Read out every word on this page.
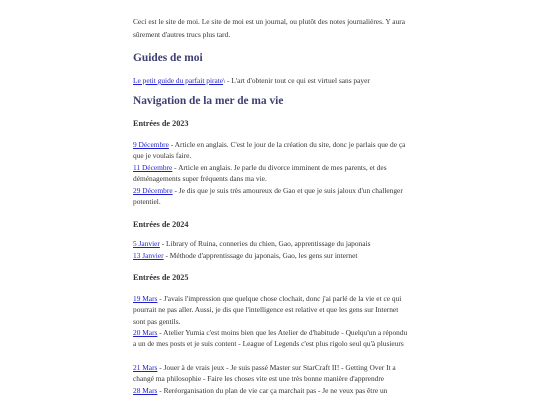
Ceci est le site de moi. Le site de moi est un journal, ou plutôt des notes journalières. Y aura sûrement d'autres trucs plus tard.

Guides de moi

Le petit guide du parfait pirate\ - L'art d'obtenir tout ce qui est virtuel sans payer

Navigation de la mer de ma vie
Entrées de 2023

9 Décembre - Article en anglais. C'est le jour de la création du site, donc je parlais que de ça que je voulais faire.

11 Décembre - Article en anglais. Je parle du divorce imminent de mes parents, et des déménagements super fréquents dans ma vie.

29 Décembre - Je dis que je suis très amoureux de Gao et que je suis jaloux d'un challenger potentiel.

Entrées de 2024

5 Janvier - Library of Ruina, conneries du chien, Gao, apprentissage du japonais

13 Janvier - Méthode d'apprentissage du japonais, Gao, les gens sur internet

Entrées de 2025

19 Mars - J'avais l'impression que quelque chose clochait, donc j'ai parlé de la vie et ce qui pourrait ne pas aller. Aussi, je dis que l'intelligence est relative et que les gens sur Internet sont pas gentils.

20 Mars - Atelier Yumia c'est moins bien que les Atelier de d'habitude - Quelqu'un a répondu a un de mes posts et je suis content - League of Legends c'est plus rigolo seul qu'à plusieurs

21 Mars - Jouer à de vrais jeux - Je suis passé Master sur StarCraft II! - Getting Over It a changé ma philosophie - Faire les choses vite est une très bonne manière d'apprendre

28 Mars - Reréorganisation du plan de vie car ça marchait pas - Je ne veux pas être un
